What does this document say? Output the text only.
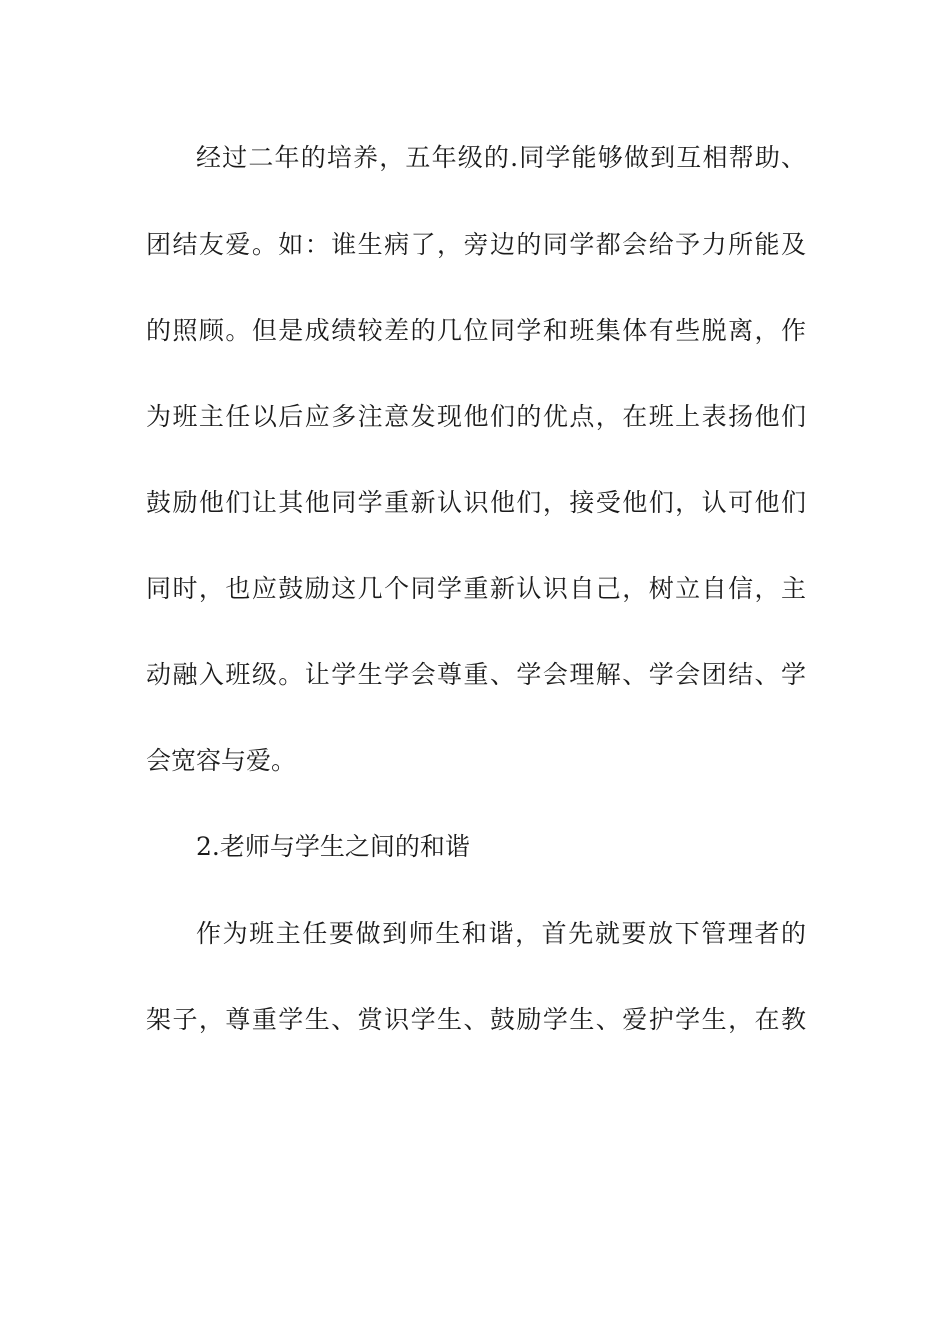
经过二年的培养，五年级的.同学能够做到互相帮助、
团结友爱。如：谁生病了，旁边的同学都会给予力所能及
的照顾。但是成绩较差的几位同学和班集体有些脱离，作
为班主任以后应多注意发现他们的优点，在班上表扬他们
鼓励他们让其他同学重新认识他们，接受他们，认可他们
同时，也应鼓励这几个同学重新认识自己，树立自信，主
动融入班级。让学生学会尊重、学会理解、学会团结、学
会宽容与爱。
2.老师与学生之间的和谐
作为班主任要做到师生和谐，首先就要放下管理者的
架子，尊重学生、赏识学生、鼓励学生、爱护学生，在教
